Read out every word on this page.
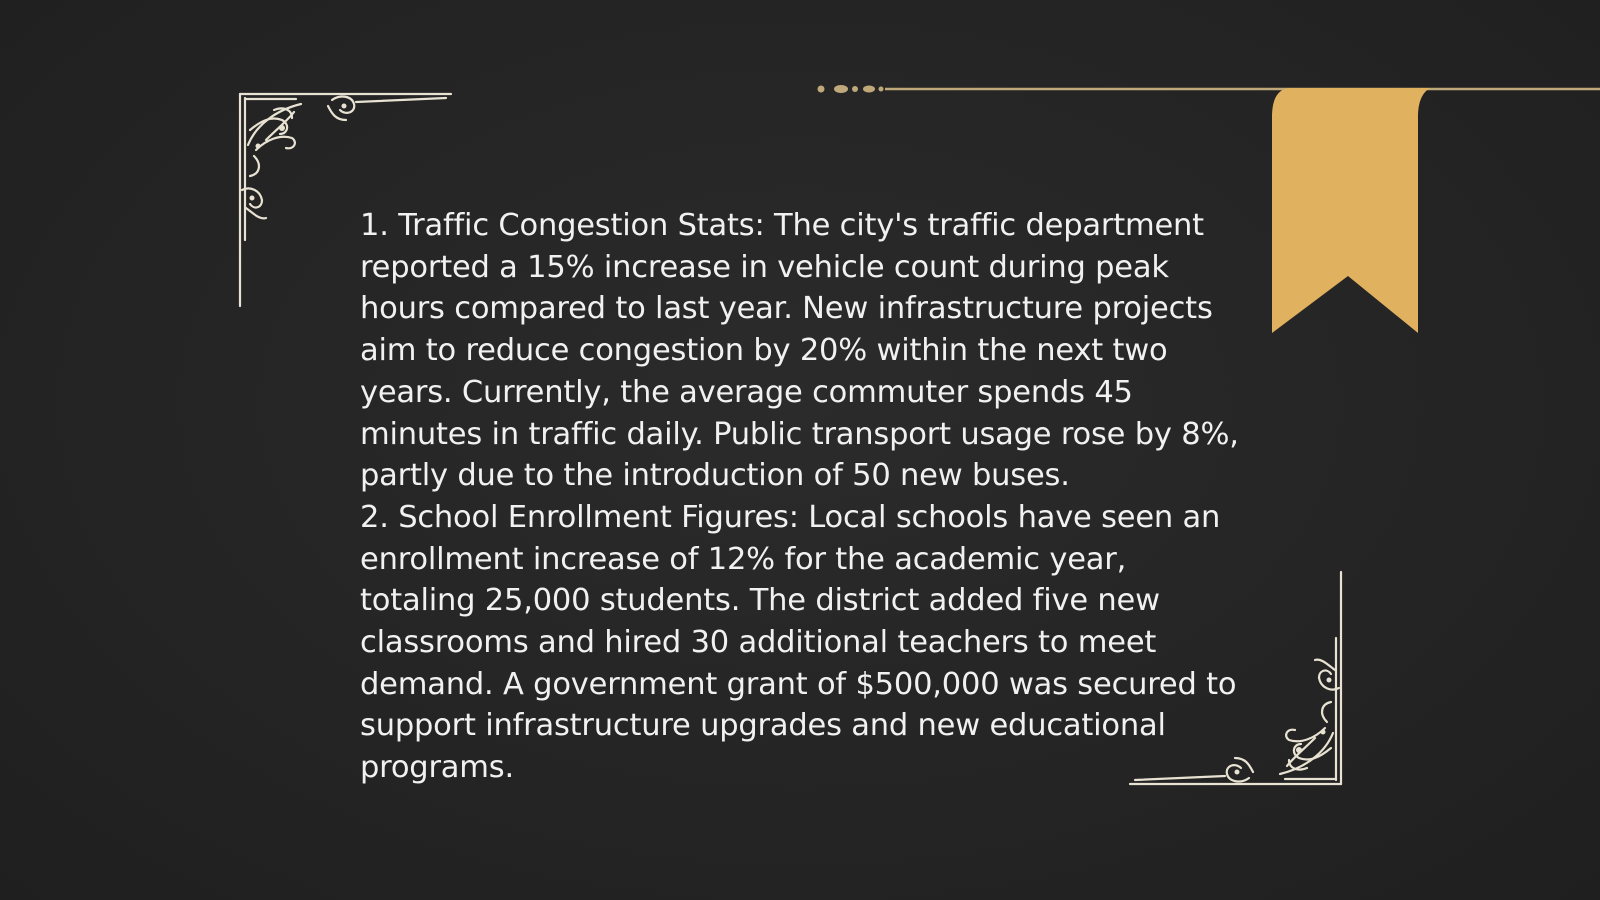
1. Traffic Congestion Stats: The city's traffic department reported a 15% increase in vehicle count during peak hours compared to last year. New infrastructure projects aim to reduce congestion by 20% within the next two years. Currently, the average commuter spends 45 minutes in traffic daily. Public transport usage rose by 8%, partly due to the introduction of 50 new buses.

2. School Enrollment Figures: Local schools have seen an enrollment increase of 12% for the academic year, totaling 25,000 students. The district added five new classrooms and hired 30 additional teachers to meet demand. A government grant of $500,000 was secured to support infrastructure upgrades and new educational programs.
